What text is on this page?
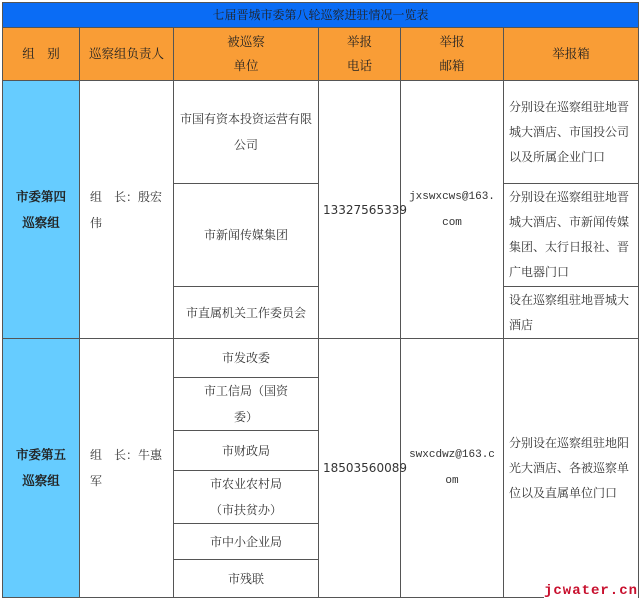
七届晋城市委第八轮巡察进驻情况一览表					
组　别	巡察组负责人	被巡察单位	举报电话	举报邮箱	举报箱
市委第四巡察组	组　长：殷宏伟	市国有资本投资运营有限公司	13327565339	jxswxcws@163.com	分别设在巡察组驻地晋城大酒店、市国投公司以及所属企业门口
		市新闻传媒集团			分别设在巡察组驻地晋城大酒店、市新闻传媒集团、太行日报社、晋广电器门口
		市直属机关工作委员会			设在巡察组驻地晋城大酒店
市委第五巡察组	组　长：牛惠军	市发改委	18503560089	swxcdwz@163.com	分别设在巡察组驻地阳光大酒店、各被巡察单位以及直属单位门口
		市工信局（国资委）			
		市财政局			
		市农业农村局（市扶贫办）			
		市中小企业局			
		市残联			
jcwater.cn
